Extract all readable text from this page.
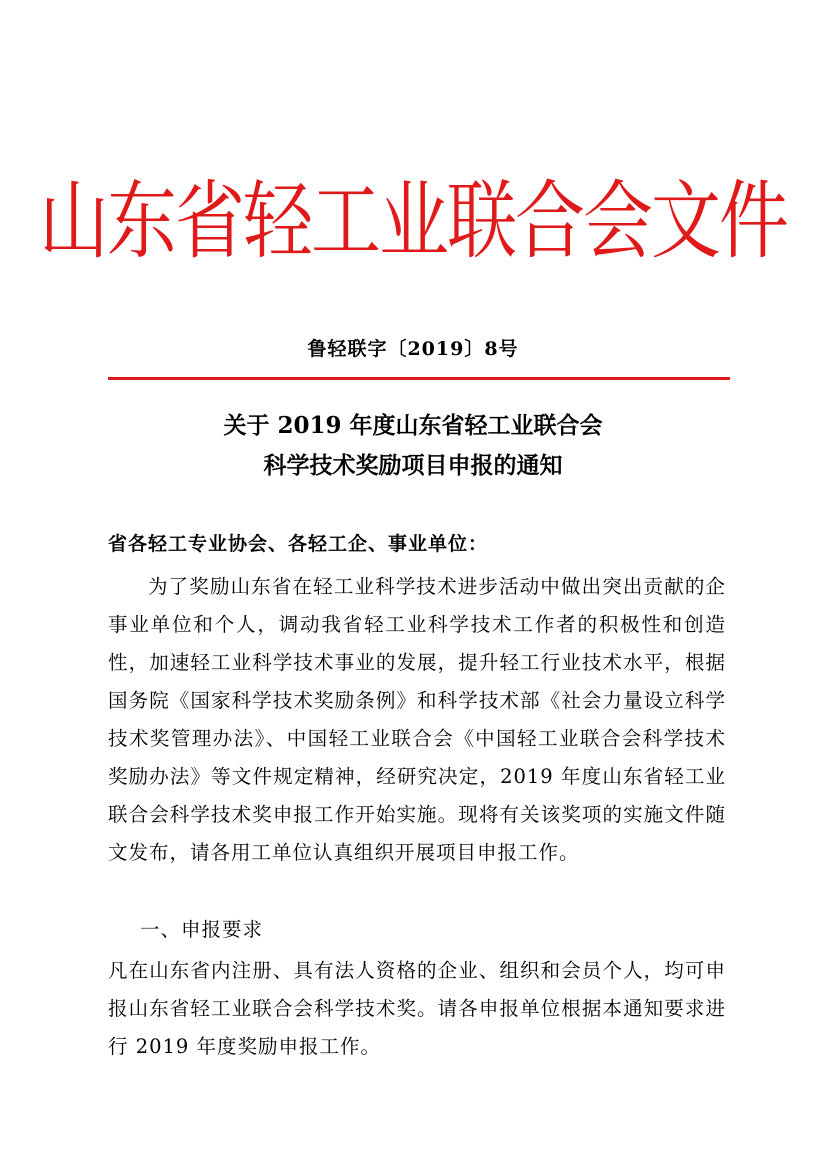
山东省轻工业联合会文件
鲁轻联字〔2019〕8号
关于 2019 年度山东省轻工业联合会
科学技术奖励项目申报的通知
省各轻工专业协会、各轻工企、事业单位：
为了奖励山东省在轻工业科学技术进步活动中做出突出贡献的企事业单位和个人，调动我省轻工业科学技术工作者的积极性和创造性，加速轻工业科学技术事业的发展，提升轻工行业技术水平，根据国务院《国家科学技术奖励条例》和科学技术部《社会力量设立科学技术奖管理办法》、中国轻工业联合会《中国轻工业联合会科学技术奖励办法》等文件规定精神，经研究决定，2019 年度山东省轻工业联合会科学技术奖申报工作开始实施。现将有关该奖项的实施文件随文发布，请各用工单位认真组织开展项目申报工作。
一、申报要求
凡在山东省内注册、具有法人资格的企业、组织和会员个人，均可申报山东省轻工业联合会科学技术奖。请各申报单位根据本通知要求进行 2019 年度奖励申报工作。
